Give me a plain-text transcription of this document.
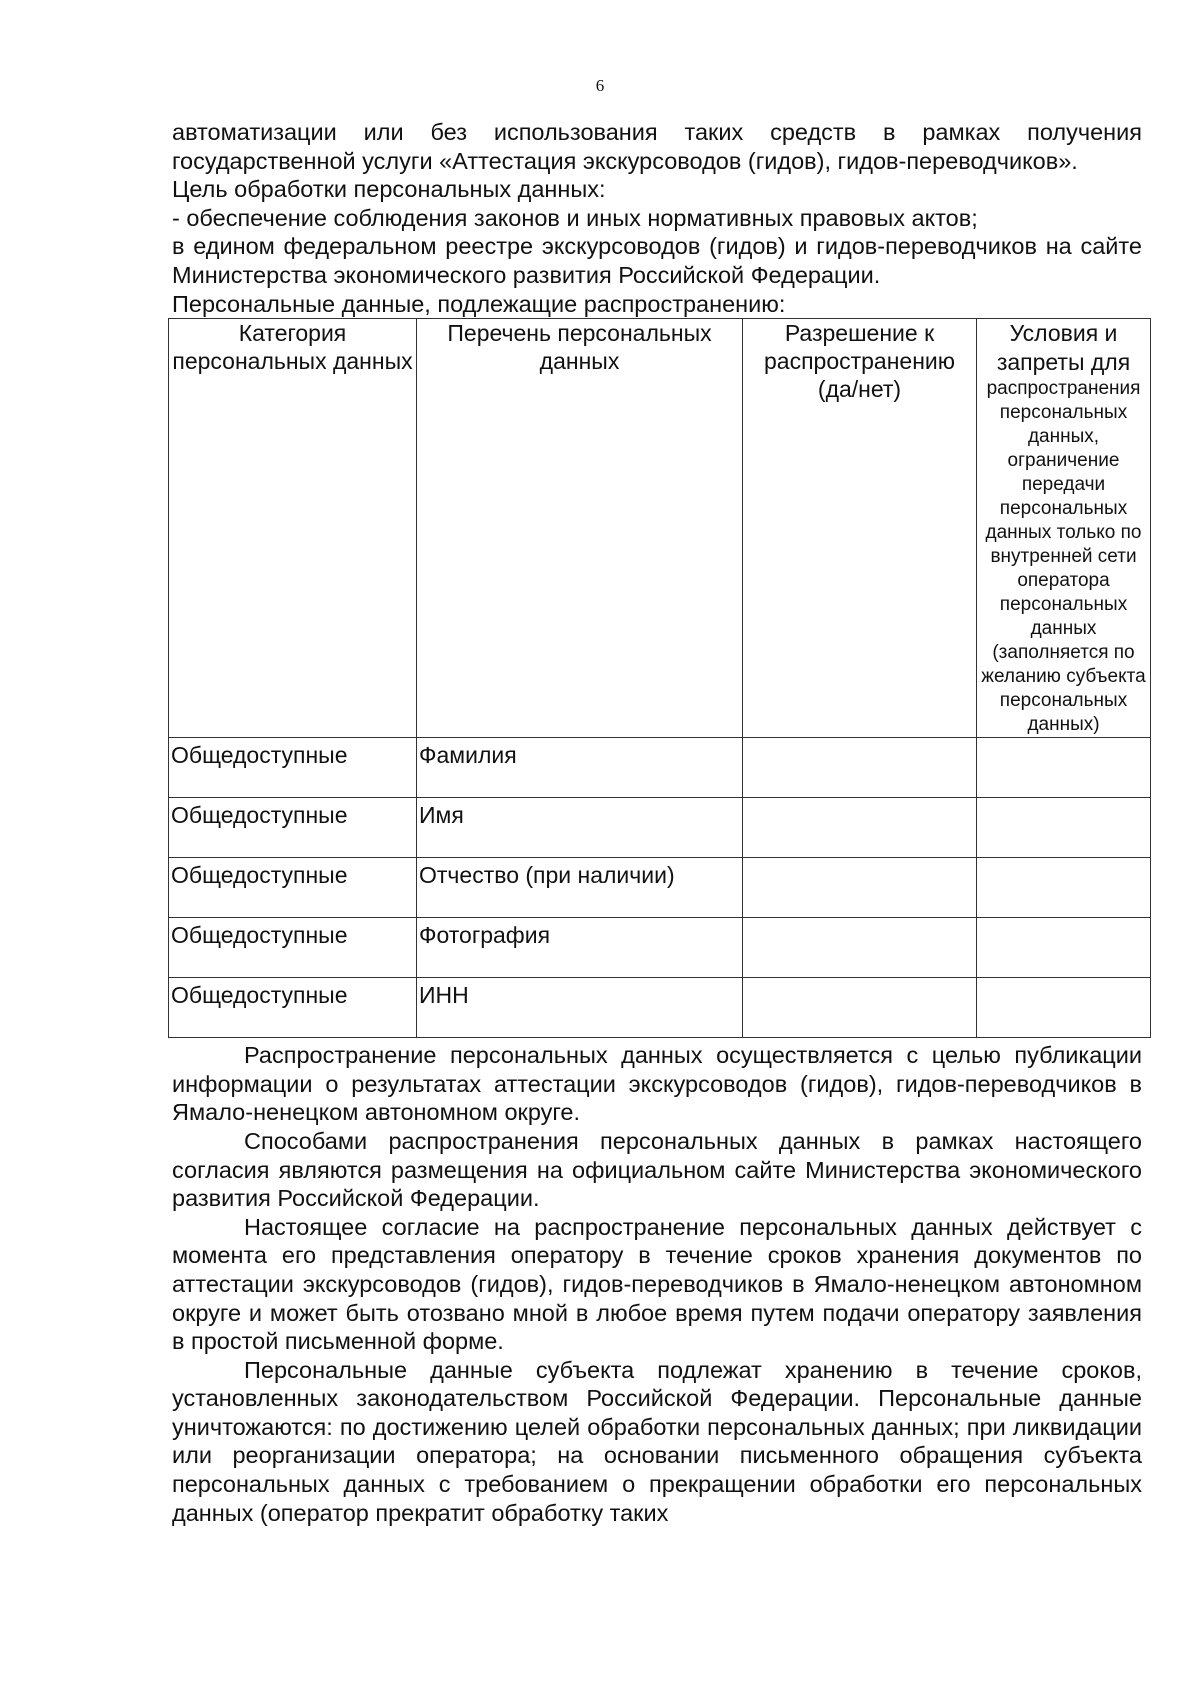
6

автоматизации или без использования таких средств в рамках получения государственной услуги «Аттестация экскурсоводов (гидов), гидов-переводчиков».

Цель обработки персональных данных:

- обеспечение соблюдения законов и иных нормативных правовых актов;

в едином федеральном реестре экскурсоводов (гидов) и гидов-переводчиков на сайте Министерства экономического развития Российской Федерации.

Персональные данные, подлежащие распространению:

Категория персональных данных	Перечень персональных данных	Разрешение к распространению (да/нет)	Условия и запреты для распространения персональных данных, ограничение передачи персональных данных только по внутренней сети оператора персональных данных (заполняется по желанию субъекта персональных данных)
Общедоступные	Фамилия		
Общедоступные	Имя		
Общедоступные	Отчество (при наличии)		
Общедоступные	Фотография		
Общедоступные	ИНН		

Распространение персональных данных осуществляется с целью публикации информации о результатах аттестации экскурсоводов (гидов), гидов-переводчиков в Ямало-ненецком автономном округе.

Способами распространения персональных данных в рамках настоящего согласия являются размещения на официальном сайте Министерства экономического развития Российской Федерации.

Настоящее согласие на распространение персональных данных действует с момента его представления оператору в течение сроков хранения документов по аттестации экскурсоводов (гидов), гидов-переводчиков в Ямало-ненецком автономном округе и может быть отозвано мной в любое время путем подачи оператору заявления в простой письменной форме.

Персональные данные субъекта подлежат хранению в течение сроков, установленных законодательством Российской Федерации. Персональные данные уничтожаются: по достижению целей обработки персональных данных; при ликвидации или реорганизации оператора; на основании письменного обращения субъекта персональных данных с требованием о прекращении обработки его персональных данных (оператор прекратит обработку таких
